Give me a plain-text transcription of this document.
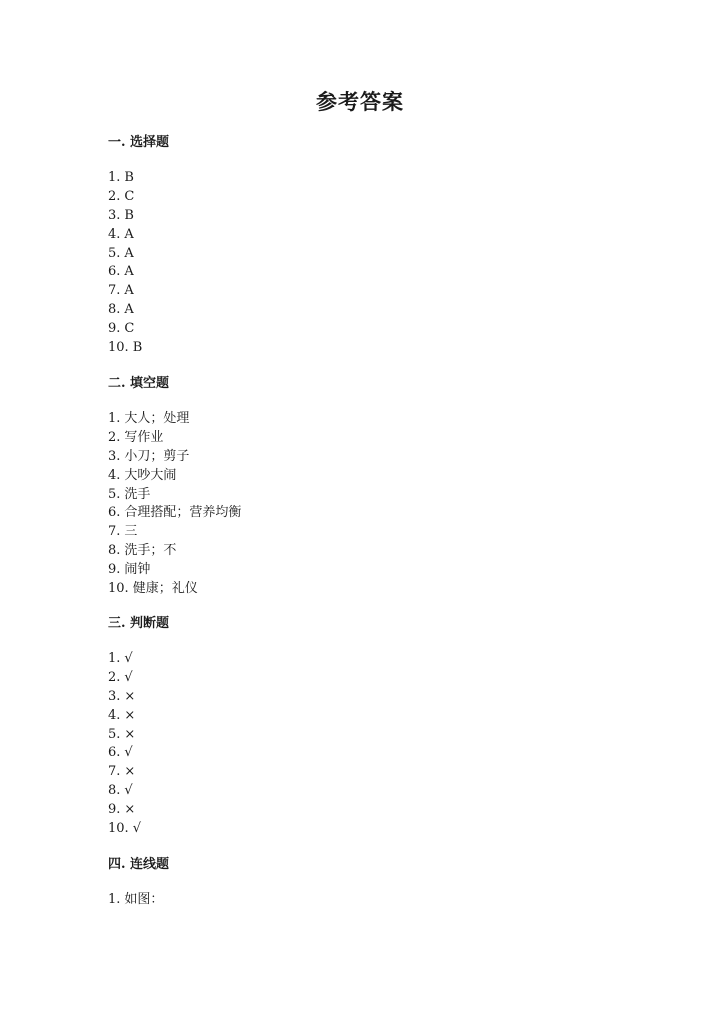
参考答案
一. 选择题
1. B
2. C
3. B
4. A
5. A
6. A
7. A
8. A
9. C
10. B
二. 填空题
1. 大人；处理
2. 写作业
3. 小刀；剪子
4. 大吵大闹
5. 洗手
6. 合理搭配；营养均衡
7. 三
8. 洗手；不
9. 闹钟
10. 健康；礼仪
三. 判断题
1. √
2. √
3. ×
4. ×
5. ×
6. √
7. ×
8. √
9. ×
10. √
四. 连线题
1. 如图：
